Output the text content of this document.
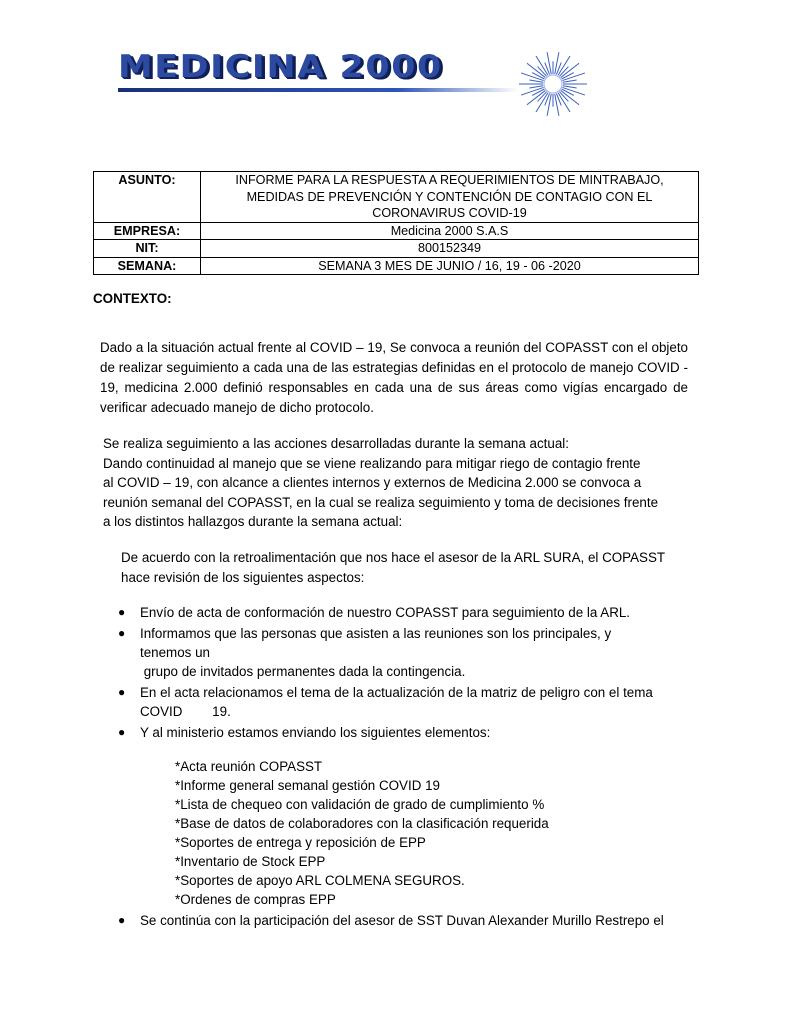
MEDICINA 2000
ASUNTO:	INFORME PARA LA RESPUESTA A REQUERIMIENTOS DE MINTRABAJO, MEDIDAS DE PREVENCIÓN Y CONTENCIÓN DE CONTAGIO CON EL CORONAVIRUS COVID-19
EMPRESA:	Medicina 2000 S.A.S
NIT:	800152349
SEMANA:	SEMANA 3 MES DE JUNIO / 16, 19 - 06 -2020
CONTEXTO:
Dado a la situación actual frente al COVID – 19, Se convoca a reunión del COPASST con el objeto de realizar seguimiento a cada una de las estrategias definidas en el protocolo de manejo COVID - 19, medicina 2.000 definió responsables en cada una de sus áreas como vigías encargado de verificar adecuado manejo de dicho protocolo.
Se realiza seguimiento a las acciones desarrolladas durante la semana actual:
Dando continuidad al manejo que se viene realizando para mitigar riego de contagio frente
al COVID – 19, con alcance a clientes internos y externos de Medicina 2.000 se convoca a
reunión semanal del COPASST, en la cual se realiza seguimiento y toma de decisiones frente
a los distintos hallazgos durante la semana actual:
De acuerdo con la retroalimentación que nos hace el asesor de la ARL SURA, el COPASST
hace revisión de los siguientes aspectos:
● Envío de acta de conformación de nuestro COPASST para seguimiento de la ARL.
● Informamos que las personas que asisten a las reuniones son los principales, y
tenemos un
grupo de invitados permanentes dada la contingencia.
● En el acta relacionamos el tema de la actualización de la matriz de peligro con el tema
COVID        19.
● Y al ministerio estamos enviando los siguientes elementos:
*Acta reunión COPASST
*Informe general semanal gestión COVID 19
*Lista de chequeo con validación de grado de cumplimiento %
*Base de datos de colaboradores con la clasificación requerida
*Soportes de entrega y reposición de EPP
*Inventario de Stock EPP
*Soportes de apoyo ARL COLMENA SEGUROS.
*Ordenes de compras EPP
● Se continúa con la participación del asesor de SST Duvan Alexander Murillo Restrepo el
